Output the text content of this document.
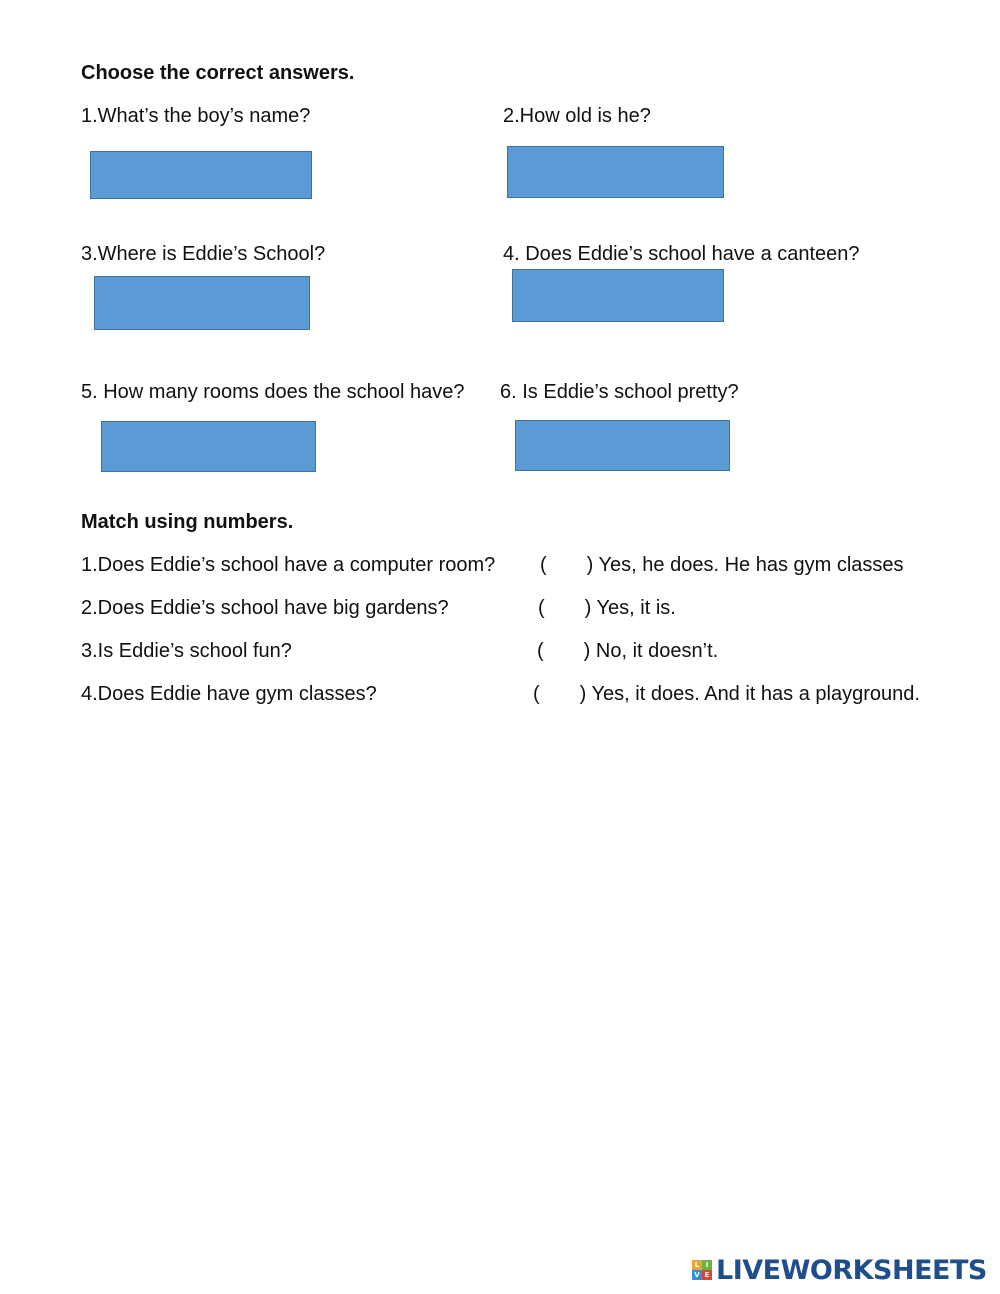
Choose the correct answers.
1.What’s the boy’s name?	2.How old is he?
3.Where is Eddie’s School?	4. Does Eddie’s school have a canteen?
5. How many rooms does the school have? 6. Is Eddie’s school pretty?
Match using numbers.
1.Does Eddie’s school have a computer room? ( ) Yes, he does. He has gym classes
2.Does Eddie’s school have big gardens?	( ) Yes, it is.
3.Is Eddie’s school fun?	( ) No, it doesn’t.
4.Does Eddie have gym classes?	( ) Yes, it does. And it has a playground.
L I
V E LIVEWORKSHEETS
